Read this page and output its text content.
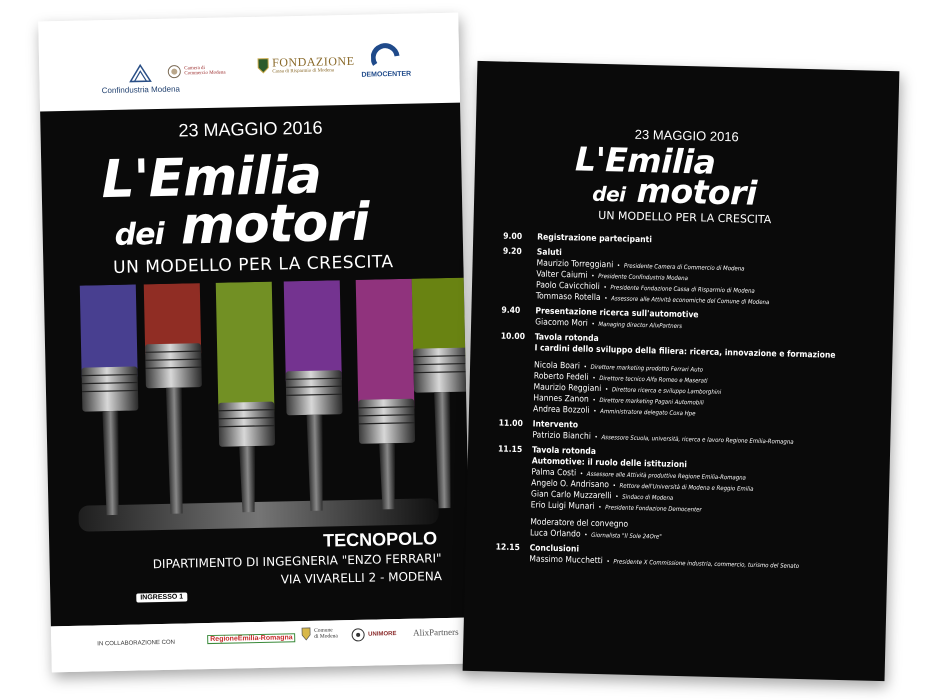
Confindustria Modena
Camera di Commercio Modena
FONDAZIONE
Cassa di Risparmio di Modena	DEMOCENTER
23 MAGGIO 2016
L'Emilia
dei motori
UN MODELLO PER LA CRESCITA
TECNOPOLO
DIPARTIMENTO DI INGEGNERIA "ENZO FERRARI"
VIA VIVARELLI 2 - MODENA
INGRESSO 1
IN COLLABORAZIONE CON
RegioneEmilia-Romagna
Comune di Modena	UNIMORE AlixPartners
23 MAGGIO 2016
L'Emilia
dei motori
UN MODELLO PER LA CRESCITA
9.00	Registrazione partecipanti
9.20	Saluti
Maurizio Torreggiani • Presidente Camera di Commercio di Modena
Valter Caiumi • Presidente Confindustria Modena
Paolo Cavicchioli • Presidente Fondazione Cassa di Risparmio di Modena
Tommaso Rotella • Assessore alle Attività economiche del Comune di Modena
9.40	Presentazione ricerca sull'automotive
Giacomo Mori • Managing director AlixPartners
10.00	Tavola rotonda
I cardini dello sviluppo della filiera: ricerca, innovazione e formazione
Nicola Boari • Direttore marketing prodotto Ferrari Auto
Roberto Fedeli • Direttore tecnico Alfa Romeo e Maserati
Maurizio Reggiani • Direttore ricerca e sviluppo Lamborghini
Hannes Zanon • Direttore marketing Pagani Automobili
Andrea Bozzoli • Amministratore delegato Coxa Hpe
11.00	Intervento
Patrizio Bianchi • Assessore Scuola, università, ricerca e lavoro Regione Emilia-Romagna
11.15	Tavola rotonda
Automotive: il ruolo delle istituzioni
Palma Costi • Assessore alle Attività produttive Regione Emilia-Romagna
Angelo O. Andrisano • Rettore dell'Università di Modena e Reggio Emilia
Gian Carlo Muzzarelli • Sindaco di Modena
Erio Luigi Munari • Presidente Fondazione Democenter
Moderatore del convegno
Luca Orlando • Giornalista "Il Sole 24Ore"
12.15	Conclusioni
Massimo Mucchetti • Presidente X Commissione industria, commercio, turismo del Senato
